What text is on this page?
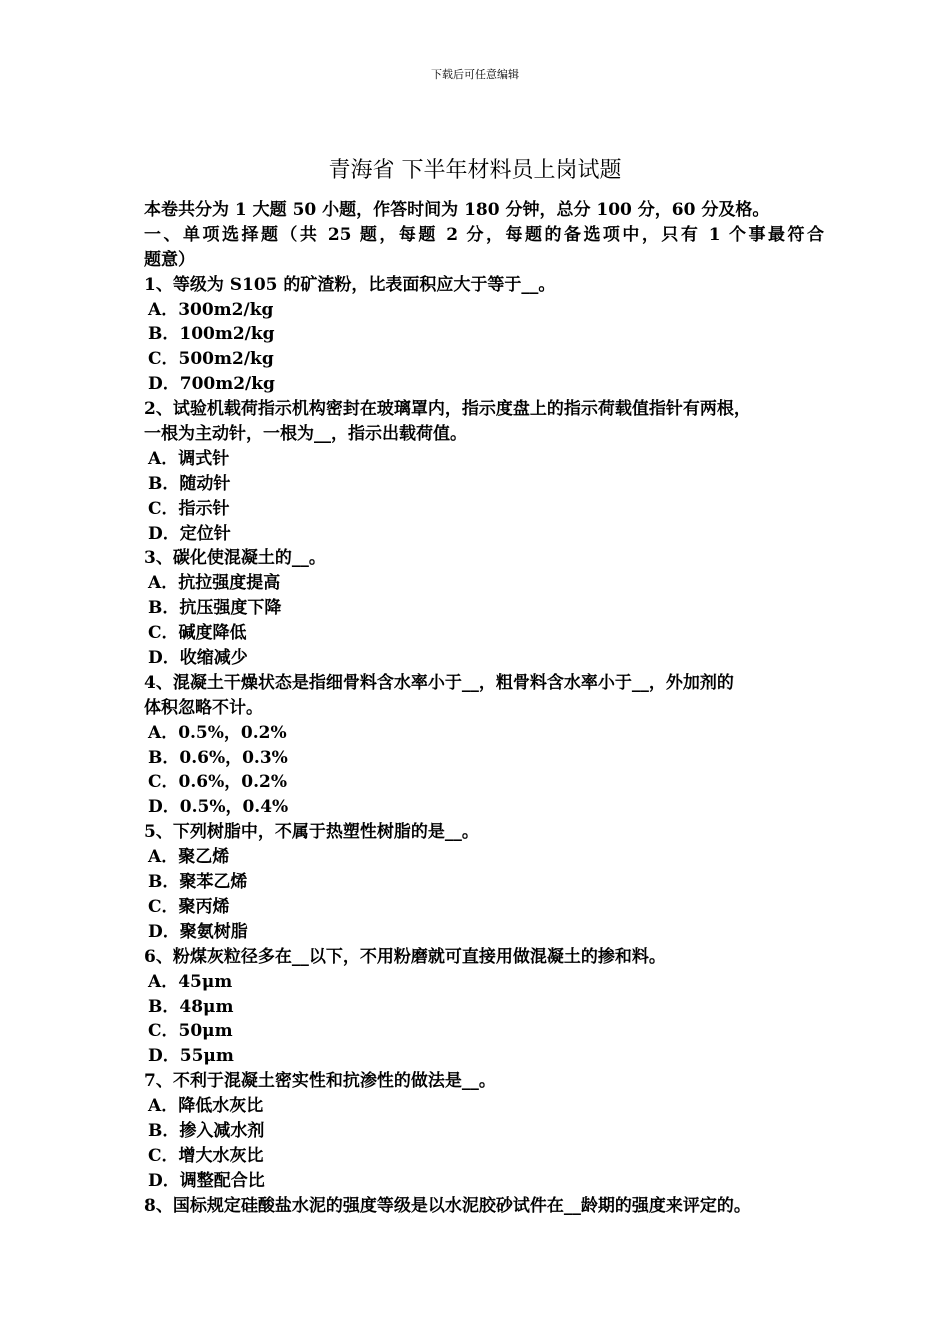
下载后可任意编辑
青海省 下半年材料员上岗试题
本卷共分为 1 大题 50 小题，作答时间为 180 分钟，总分 100 分，60 分及格。
一、单项选择题（共 25 题，每题 2 分，每题的备选项中，只有 1 个事最符合
题意）
1、等级为 S105 的矿渣粉，比表面积应大于等于__。
A．300m2/kg
B．100m2/kg
C．500m2/kg
D．700m2/kg
2、试验机载荷指示机构密封在玻璃罩内，指示度盘上的指示荷载值指针有两根，
一根为主动针，一根为__，指示出载荷值。
A．调式针
B．随动针
C．指示针
D．定位针
3、碳化使混凝土的__。
A．抗拉强度提高
B．抗压强度下降
C．碱度降低
D．收缩减少
4、混凝土干燥状态是指细骨料含水率小于__，粗骨料含水率小于__，外加剂的
体积忽略不计。
A．0.5%，0.2%
B．0.6%，0.3%
C．0.6%，0.2%
D．0.5%，0.4%
5、下列树脂中，不属于热塑性树脂的是__。
A．聚乙烯
B．聚苯乙烯
C．聚丙烯
D．聚氨树脂
6、粉煤灰粒径多在__以下，不用粉磨就可直接用做混凝土的掺和料。
A．45μm
B．48μm
C．50μm
D．55μm
7、不利于混凝土密实性和抗渗性的做法是__。
A．降低水灰比
B．掺入减水剂
C．增大水灰比
D．调整配合比
8、国标规定硅酸盐水泥的强度等级是以水泥胶砂试件在__龄期的强度来评定的。
